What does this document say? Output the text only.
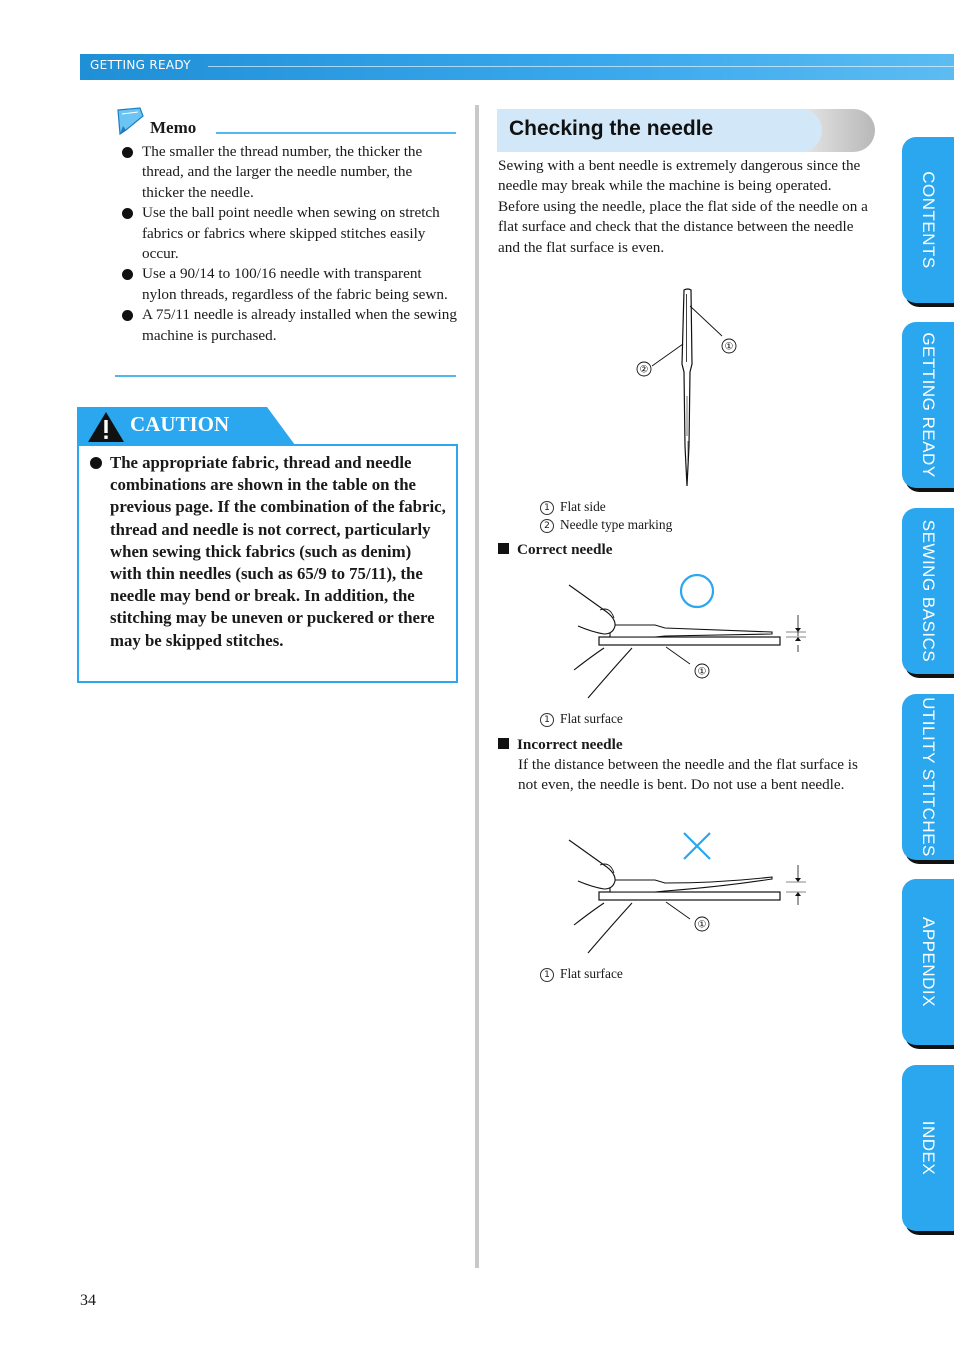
GETTING READY
Memo
The smaller the thread number, the thicker the thread, and the larger the needle number, the thicker the needle.
Use the ball point needle when sewing on stretch fabrics or fabrics where skipped stitches easily occur.
Use a 90/14 to 100/16 needle with transparent nylon threads, regardless of the fabric being sewn.
A 75/11 needle is already installed when the sewing machine is purchased.
CAUTION
The appropriate fabric, thread and needle combinations are shown in the table on the previous page. If the combination of the fabric, thread and needle is not correct, particularly when sewing thick fabrics (such as denim) with thin needles (such as 65/9 to 75/11), the needle may bend or break. In addition, the stitching may be uneven or puckered or there may be skipped stitches.
Checking the needle

Sewing with a bent needle is extremely dangerous since the needle may break while the machine is being operated.

Before using the needle, place the flat side of the needle on a flat surface and check that the distance between the needle and the flat surface is even.

①
②
1 Flat side
2 Needle type marking
Correct needle
①
1 Flat surface
Incorrect needle

If the distance between the needle and the flat surface is not even, the needle is bent. Do not use a bent needle.

①
1 Flat surface
CONTENTS
GETTING READY
SEWING BASICS
UTILITY STITCHES
APPENDIX
INDEX
34
